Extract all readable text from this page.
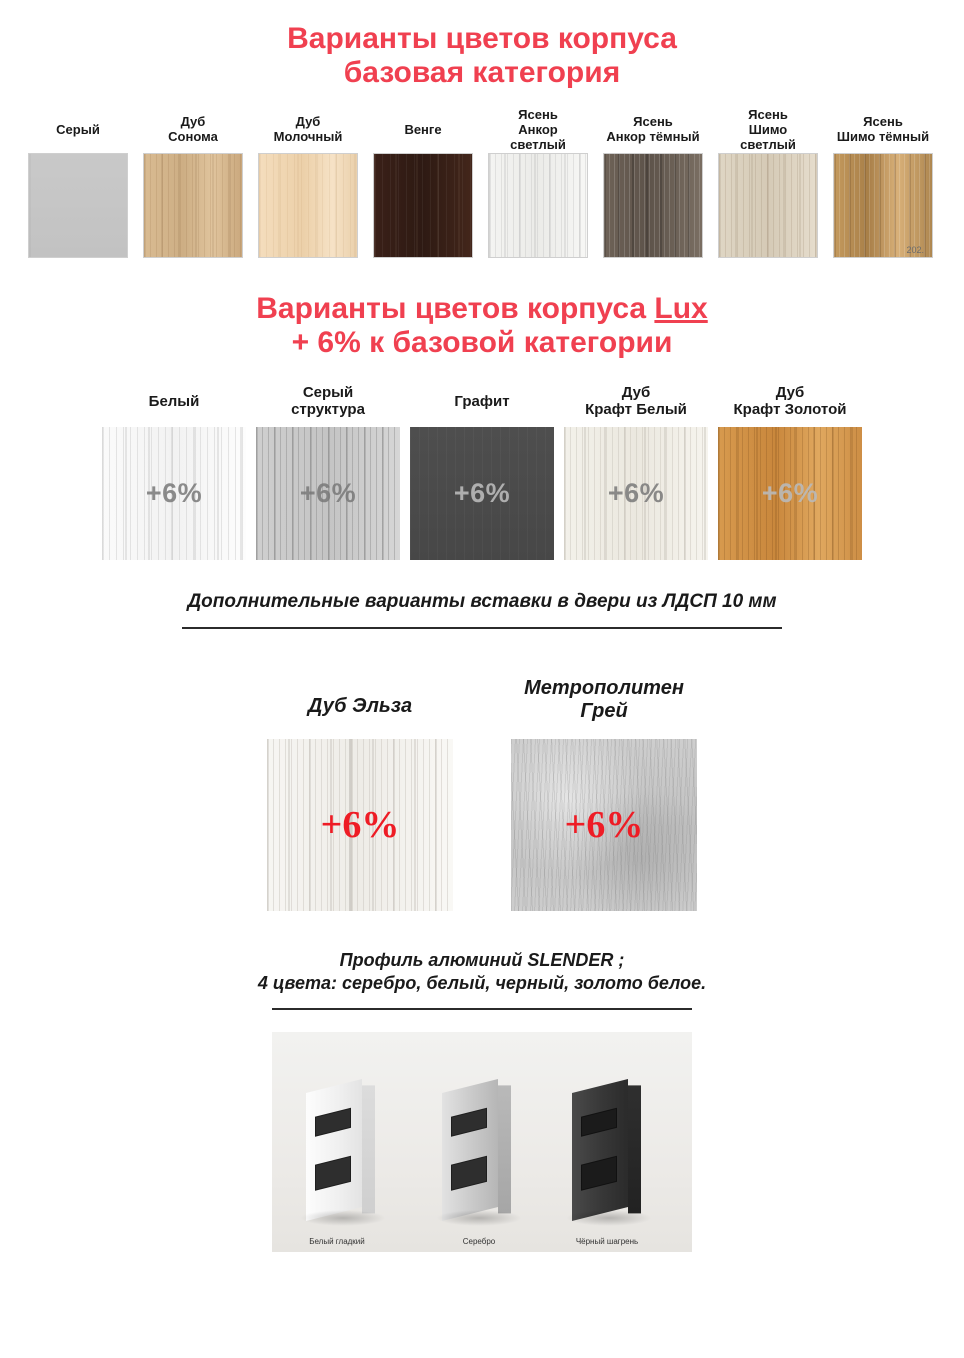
Варианты цветов корпуса
базовая категория
Серый	Дуб
Сонома
Дуб
Молочный	Венге
Ясень
Анкор светлый
Ясень
Анкор тёмный
Ясень
Шимо светлый
Ясень
Шимо тёмный
202.
Варианты цветов корпуса Lux
+ 6% к базовой категории
Белый
+6%
Серый
структура
+6%
Графит
+6%
Дуб
Крафт Белый
+6%
Дуб
Крафт Золотой
+6%
Дополнительные варианты вставки в двери из ЛДСП 10 мм
Дуб Эльза
+6%
Метрополитен Грей
+6%
Профиль алюминий SLENDER ;
4 цвета: серебро, белый, черный, золото белое.
Белый гладкий	Серебро	Чёрный шагрень
